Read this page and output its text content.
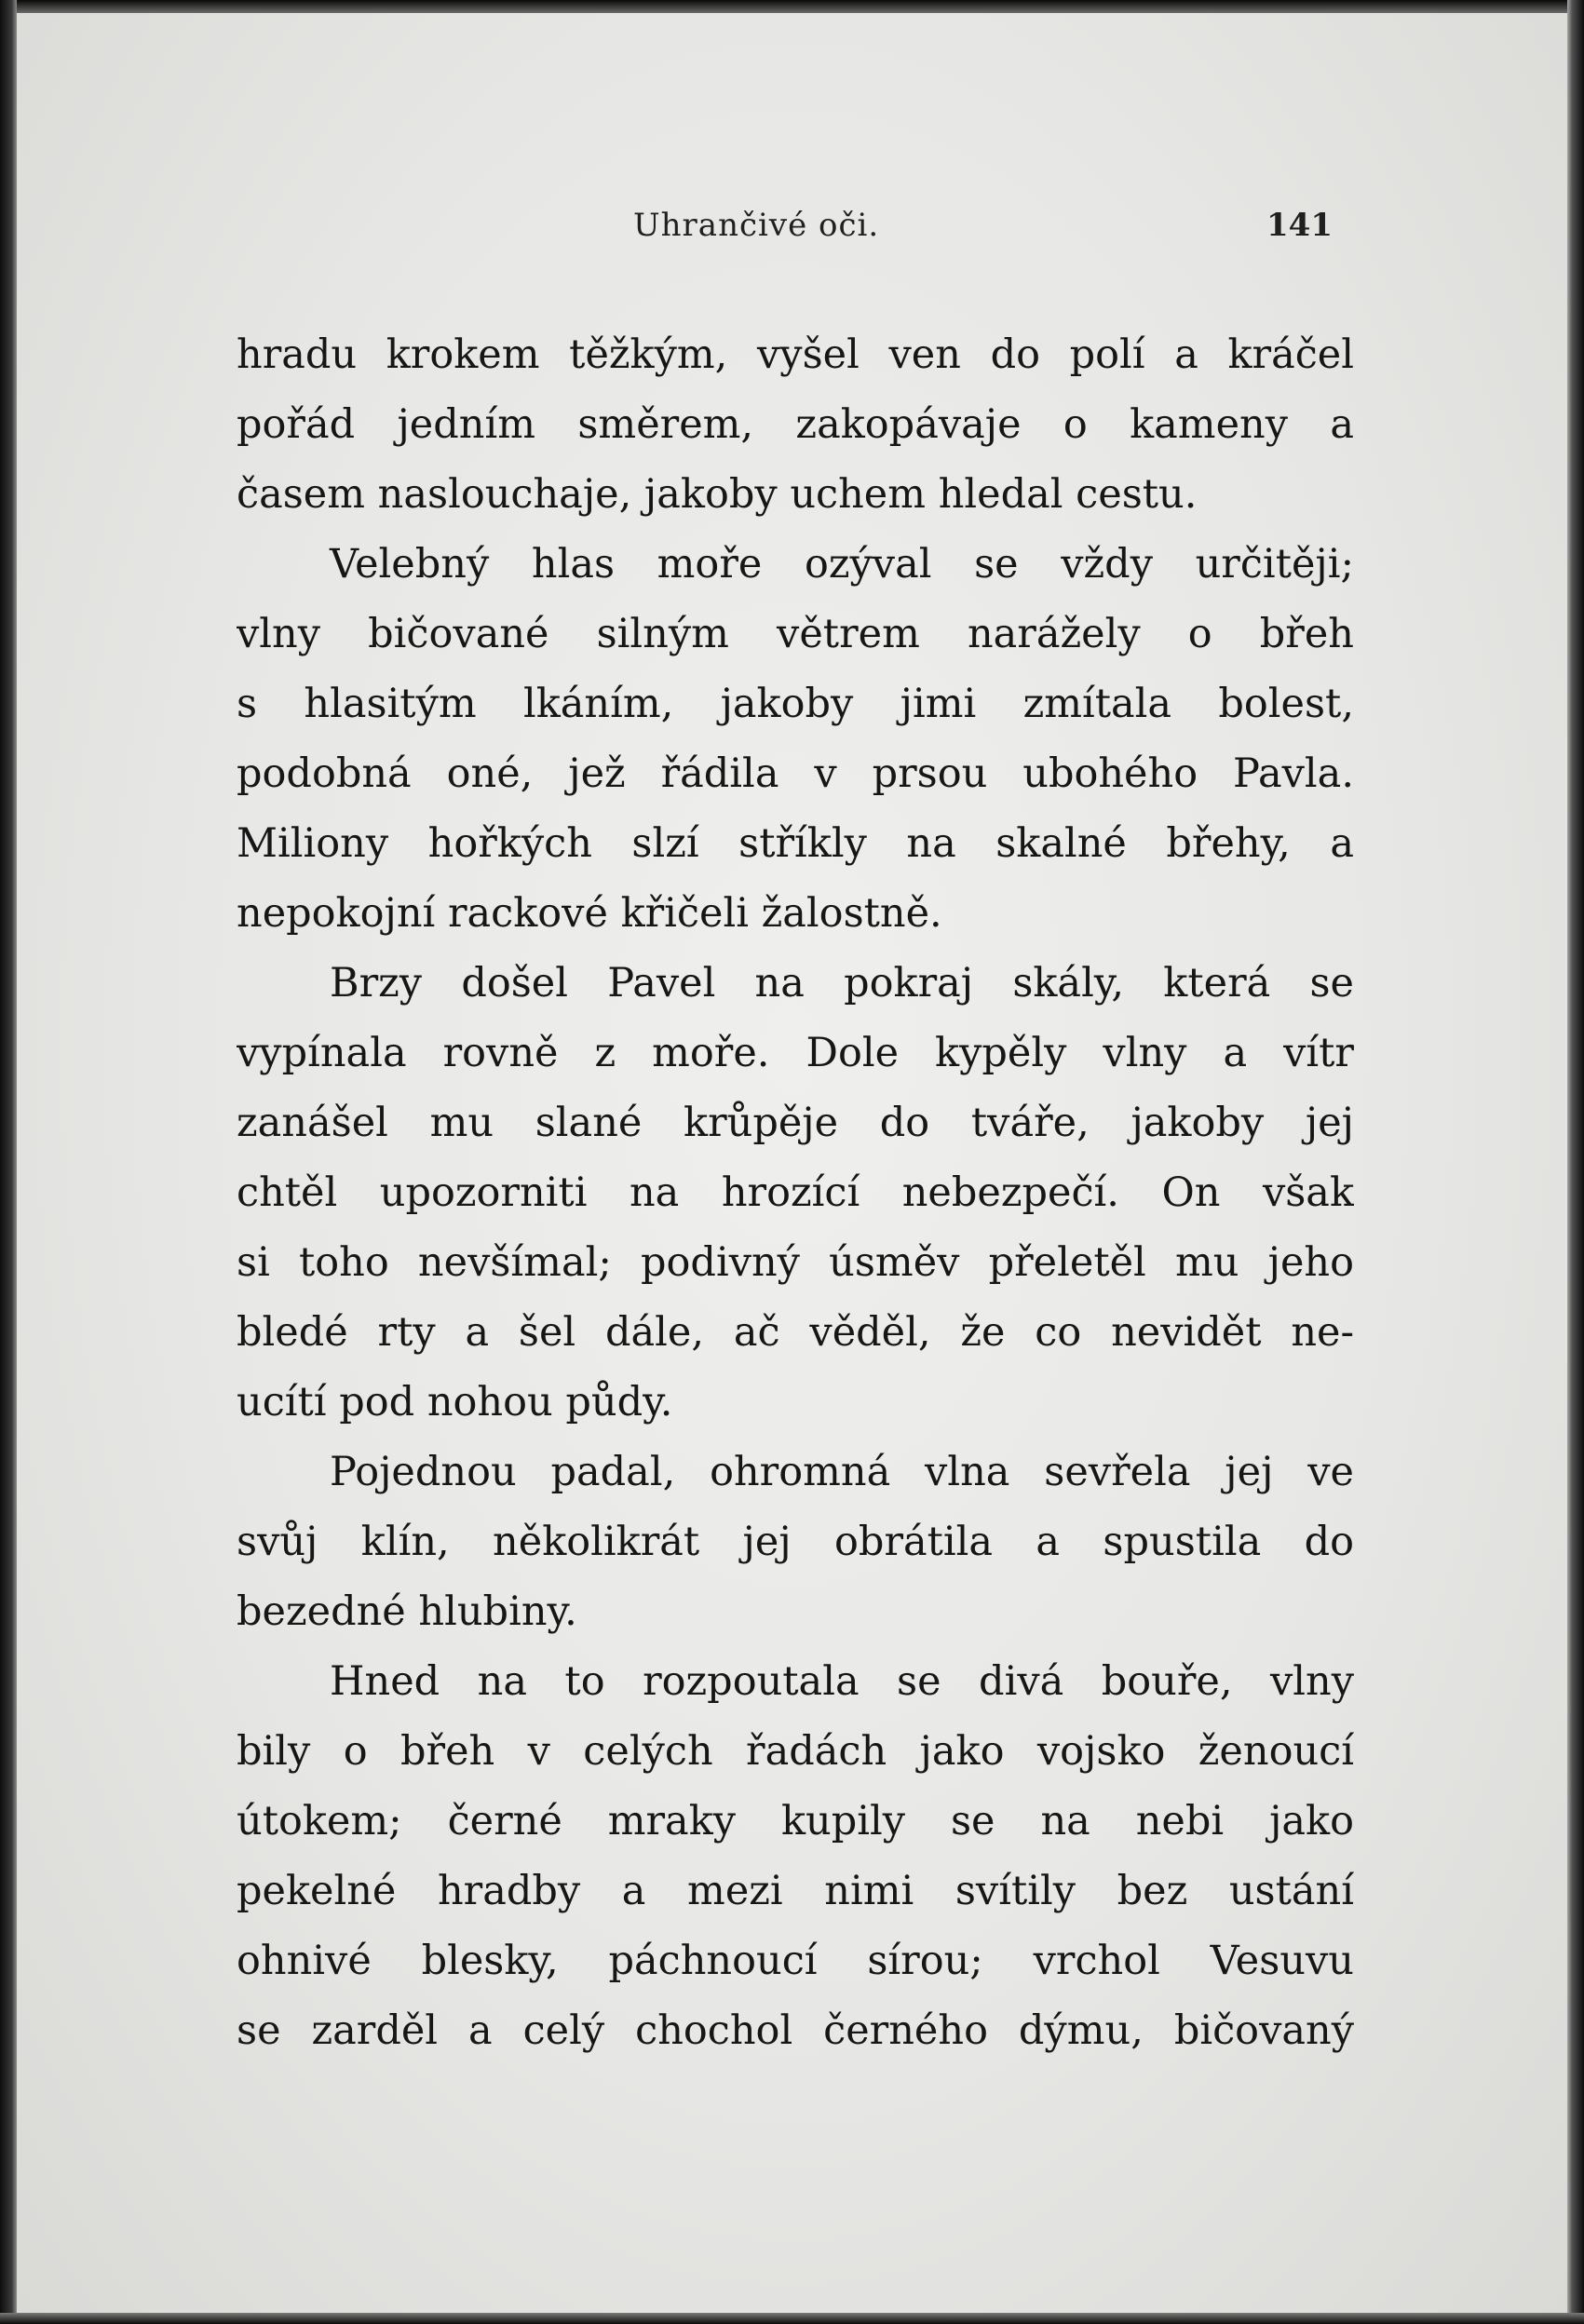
Uhrančivé oči.	141
hradu krokem těžkým, vyšel ven do polí a kráčel
pořád jedním směrem, zakopávaje o kameny a
časem naslouchaje, jakoby uchem hledal cestu.
Velebný hlas moře ozýval se vždy určitěji;
vlny bičované silným větrem narážely o břeh
s hlasitým lkáním, jakoby jimi zmítala bolest,
podobná oné, jež řádila v prsou ubohého Pavla.
Miliony hořkých slzí stříkly na skalné břehy, a
nepokojní rackové křičeli žalostně.
Brzy došel Pavel na pokraj skály, která se
vypínala rovně z moře. Dole kypěly vlny a vítr
zanášel mu slané krůpěje do tváře, jakoby jej
chtěl upozorniti na hrozící nebezpečí. On však
si toho nevšímal; podivný úsměv přeletěl mu jeho
bledé rty a šel dále, ač věděl, že co nevidět ne-
ucítí pod nohou půdy.
Pojednou padal, ohromná vlna sevřela jej ve
svůj klín, několikrát jej obrátila a spustila do
bezedné hlubiny.
Hned na to rozpoutala se divá bouře, vlny
bily o břeh v celých řadách jako vojsko ženoucí
útokem; černé mraky kupily se na nebi jako
pekelné hradby a mezi nimi svítily bez ustání
ohnivé blesky, páchnoucí sírou; vrchol Vesuvu
se zarděl a celý chochol černého dýmu, bičovaný
